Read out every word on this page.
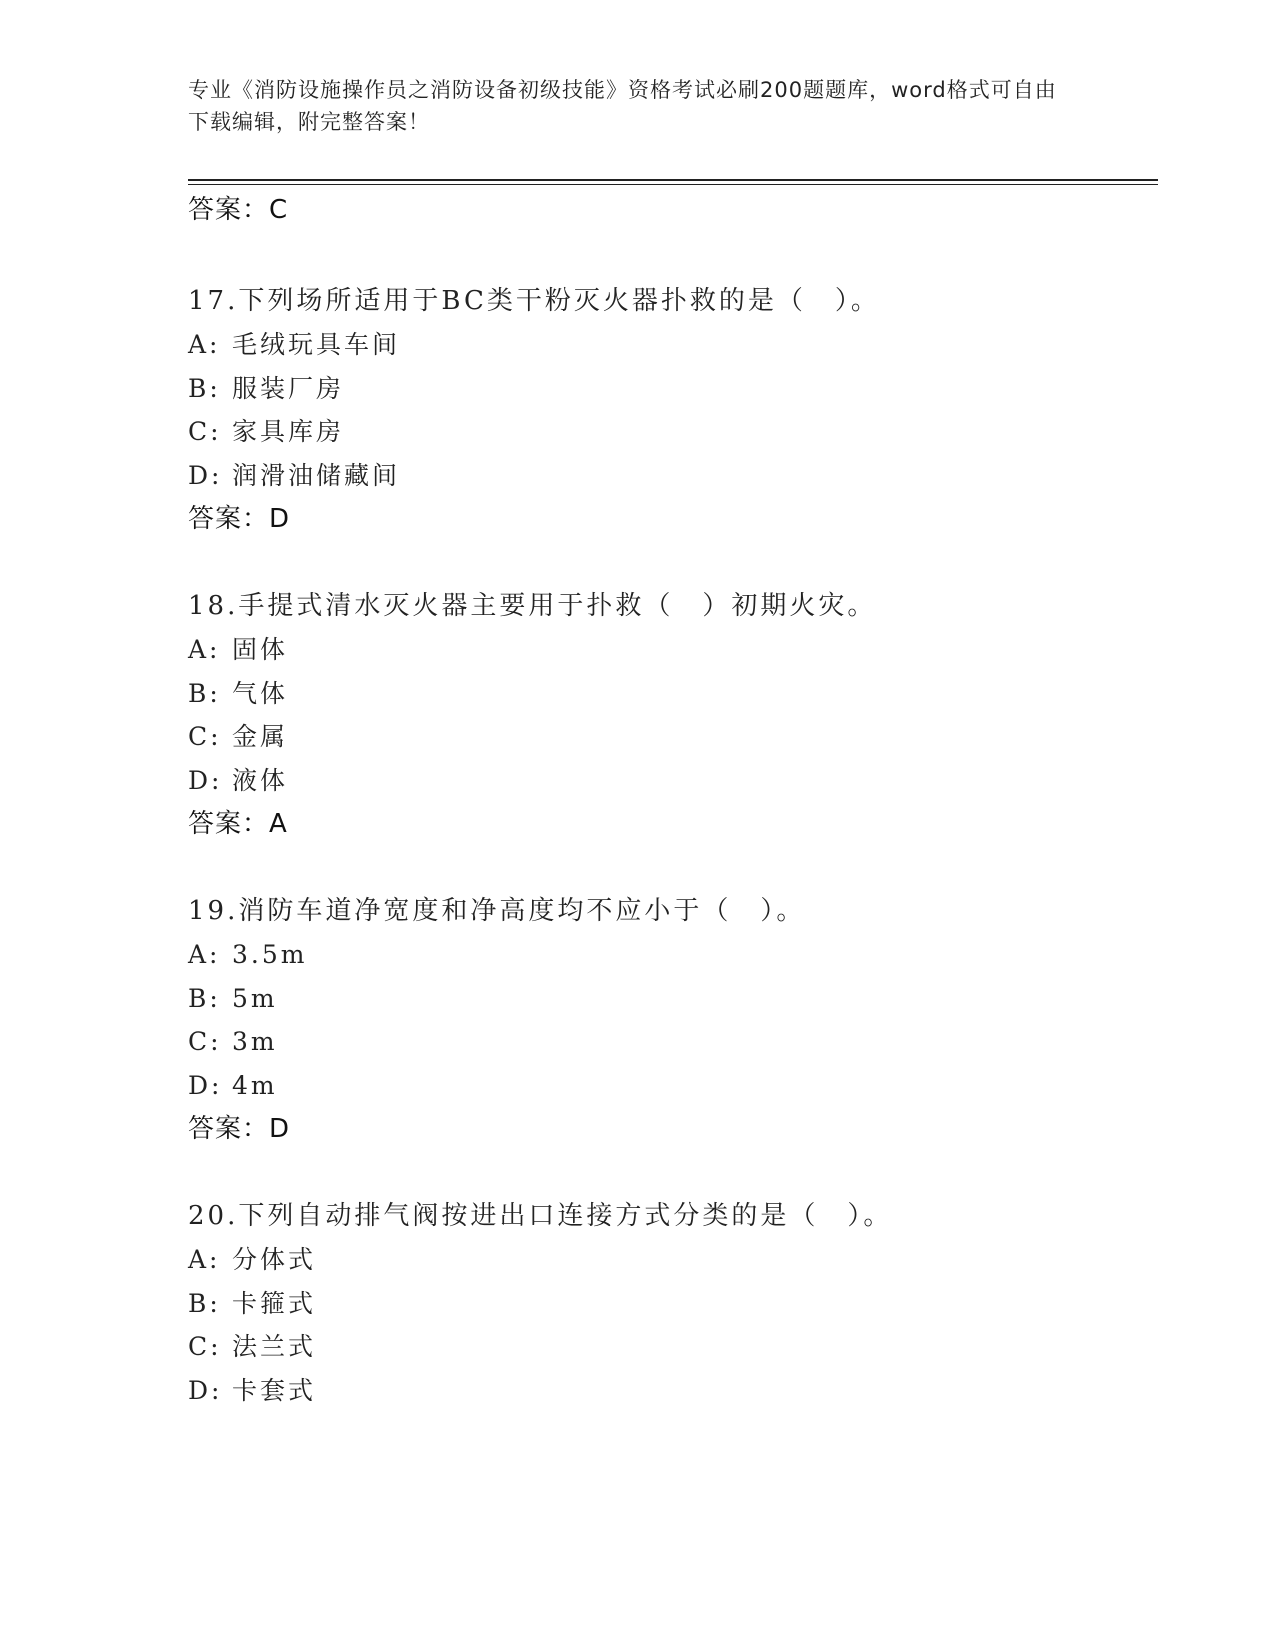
专业《消防设施操作员之消防设备初级技能》资格考试必刷200题题库，word格式可自由下载编辑，附完整答案！
答案：C
17.下列场所适用于BC类干粉灭火器扑救的是（　）。
A: 毛绒玩具车间
B: 服装厂房
C: 家具库房
D: 润滑油储藏间
答案：D
18.手提式清水灭火器主要用于扑救（　）初期火灾。
A: 固体
B: 气体
C: 金属
D: 液体
答案：A
19.消防车道净宽度和净高度均不应小于（　）。
A: 3.5m
B: 5m
C: 3m
D: 4m
答案：D
20.下列自动排气阀按进出口连接方式分类的是（　）。
A: 分体式
B: 卡箍式
C: 法兰式
D: 卡套式
